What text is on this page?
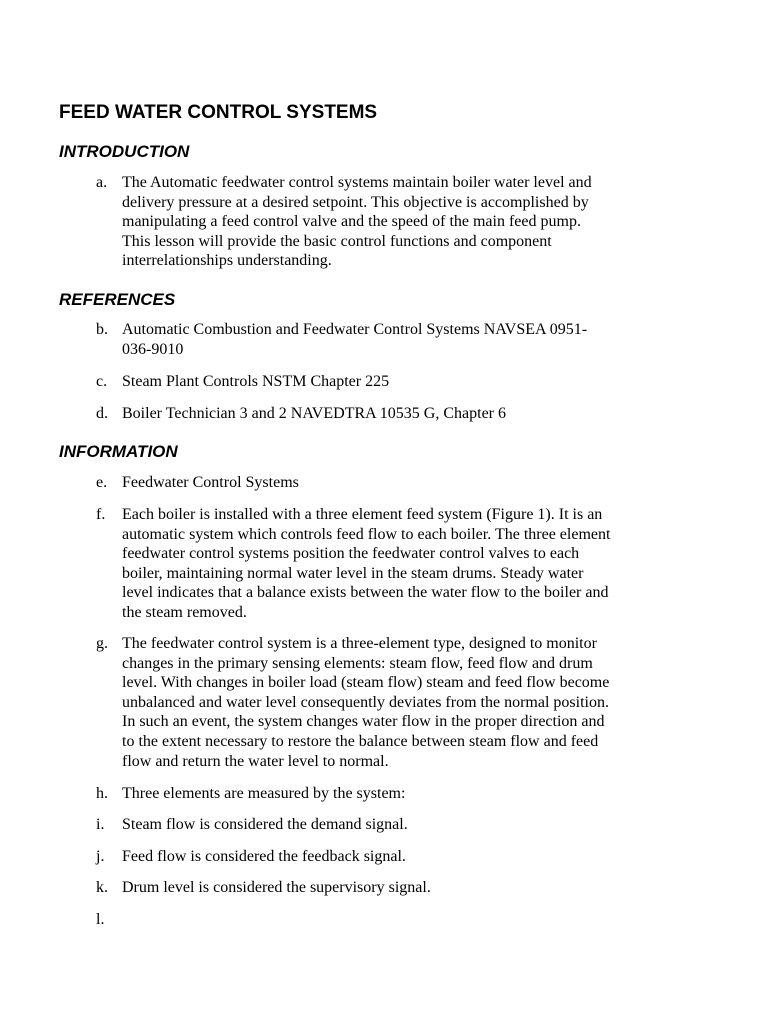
FEED WATER CONTROL SYSTEMS
INTRODUCTION
a. The Automatic feedwater control systems maintain boiler water level and
delivery pressure at a desired setpoint. This objective is accomplished by
manipulating a feed control valve and the speed of the main feed pump.
This lesson will provide the basic control functions and component
interrelationships understanding.
REFERENCES
b. Automatic Combustion and Feedwater Control Systems NAVSEA 0951-
036-9010
c. Steam Plant Controls NSTM Chapter 225
d. Boiler Technician 3 and 2 NAVEDTRA 10535 G, Chapter 6
INFORMATION
e. Feedwater Control Systems
f.	Each boiler is installed with a three element feed system (Figure 1). It is an
automatic system which controls feed flow to each boiler. The three element
feedwater control systems position the feedwater control valves to each
boiler, maintaining normal water level in the steam drums. Steady water
level indicates that a balance exists between the water flow to the boiler and
the steam removed.
g. The feedwater control system is a three-element type, designed to monitor
changes in the primary sensing elements: steam flow, feed flow and drum
level. With changes in boiler load (steam flow) steam and feed flow become
unbalanced and water level consequently deviates from the normal position.
In such an event, the system changes water flow in the proper direction and
to the extent necessary to restore the balance between steam flow and feed
flow and return the water level to normal.
h. Three elements are measured by the system:
i.	Steam flow is considered the demand signal.
j.	Feed flow is considered the feedback signal.
k. Drum level is considered the supervisory signal.
l.
